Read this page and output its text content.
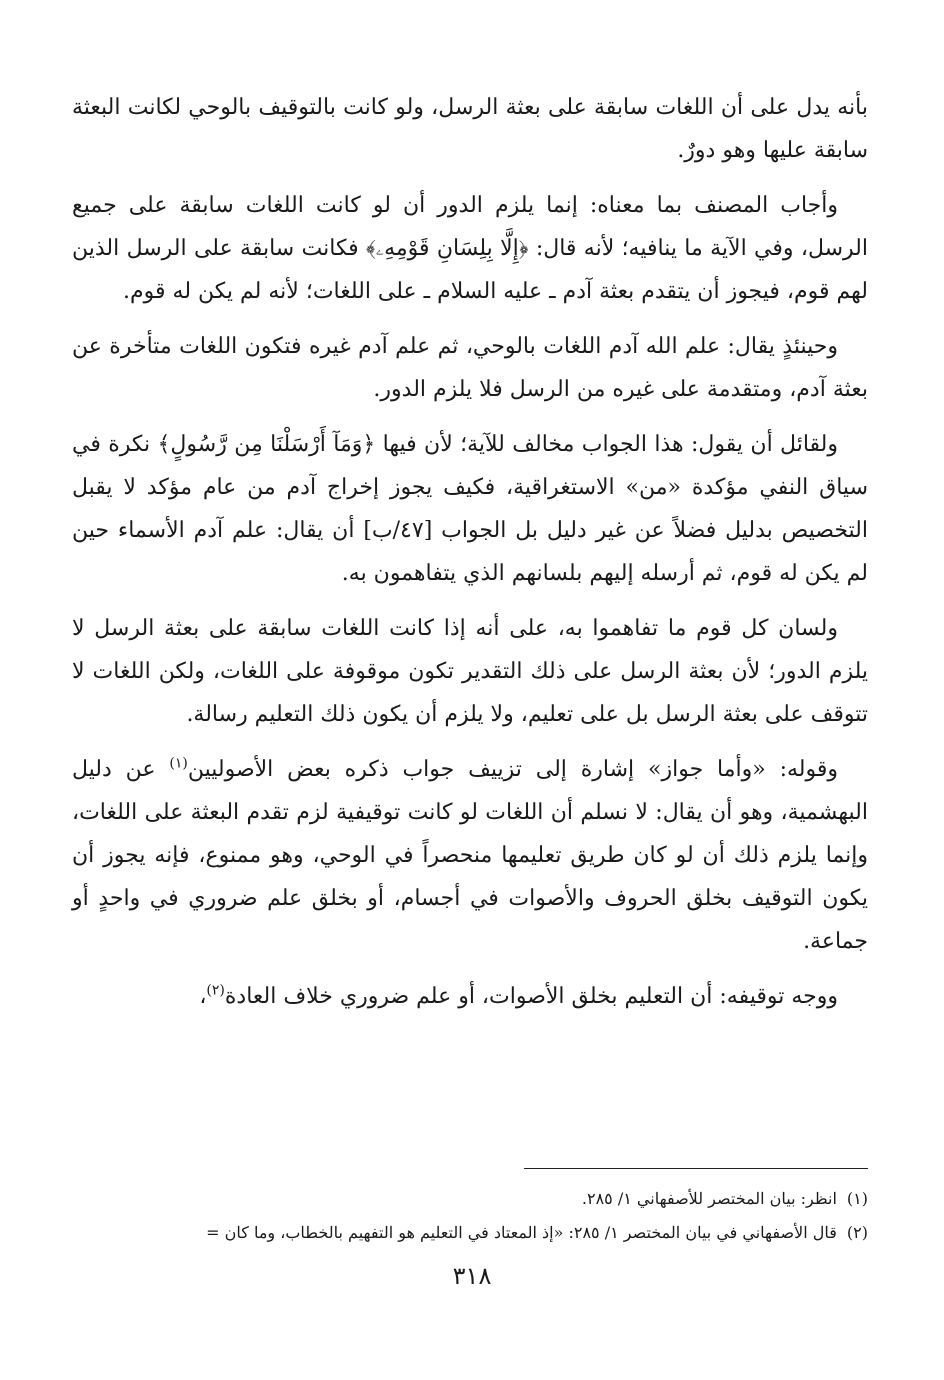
بأنه يدل على أن اللغات سابقة على بعثة الرسل، ولو كانت بالتوقيف بالوحي لكانت البعثة سابقة عليها وهو دورٌ.

وأجاب المصنف بما معناه: إنما يلزم الدور أن لو كانت اللغات سابقة على جميع الرسل، وفي الآية ما ينافيه؛ لأنه قال: ﴿إِلَّا بِلِسَانِ قَوْمِهِۦ﴾ فكانت سابقة على الرسل الذين لهم قوم، فيجوز أن يتقدم بعثة آدم ـ عليه السلام ـ على اللغات؛ لأنه لم يكن له قوم.

وحينئذٍ يقال: علم الله آدم اللغات بالوحي، ثم علم آدم غيره فتكون اللغات متأخرة عن بعثة آدم، ومتقدمة على غيره من الرسل فلا يلزم الدور.

ولقائل أن يقول: هذا الجواب مخالف للآية؛ لأن فيها ﴿وَمَآ أَرْسَلْنَا مِن رَّسُولٍ﴾ نكرة في سياق النفي مؤكدة «من» الاستغراقية، فكيف يجوز إخراج آدم من عام مؤكد لا يقبل التخصيص بدليل فضلاً عن غير دليل بل الجواب [٤٧/ب] أن يقال: علم آدم الأسماء حين لم يكن له قوم، ثم أرسله إليهم بلسانهم الذي يتفاهمون به.

ولسان كل قوم ما تفاهموا به، على أنه إذا كانت اللغات سابقة على بعثة الرسل لا يلزم الدور؛ لأن بعثة الرسل على ذلك التقدير تكون موقوفة على اللغات، ولكن اللغات لا تتوقف على بعثة الرسل بل على تعليم، ولا يلزم أن يكون ذلك التعليم رسالة.

وقوله: «وأما جواز» إشارة إلى تزييف جواب ذكره بعض الأصوليين$^{(١)}$ عن دليل البهشمية، وهو أن يقال: لا نسلم أن اللغات لو كانت توقيفية لزم تقدم البعثة على اللغات، وإنما يلزم ذلك أن لو كان طريق تعليمها منحصراً في الوحي، وهو ممنوع، فإنه يجوز أن يكون التوقيف بخلق الحروف والأصوات في أجسام، أو بخلق علم ضروري في واحدٍ أو جماعة.

ووجه توقيفه: أن التعليم بخلق الأصوات، أو علم ضروري خلاف العادة$^{(٢)}$،

(١)انظر: بيان المختصر للأصفهاني ١/ ٢٨٥.

(٢)قال الأصفهاني في بيان المختصر ١/ ٢٨٥: «إذ المعتاد في التعليم هو التفهيم بالخطاب، وما كان =

٣١٨
